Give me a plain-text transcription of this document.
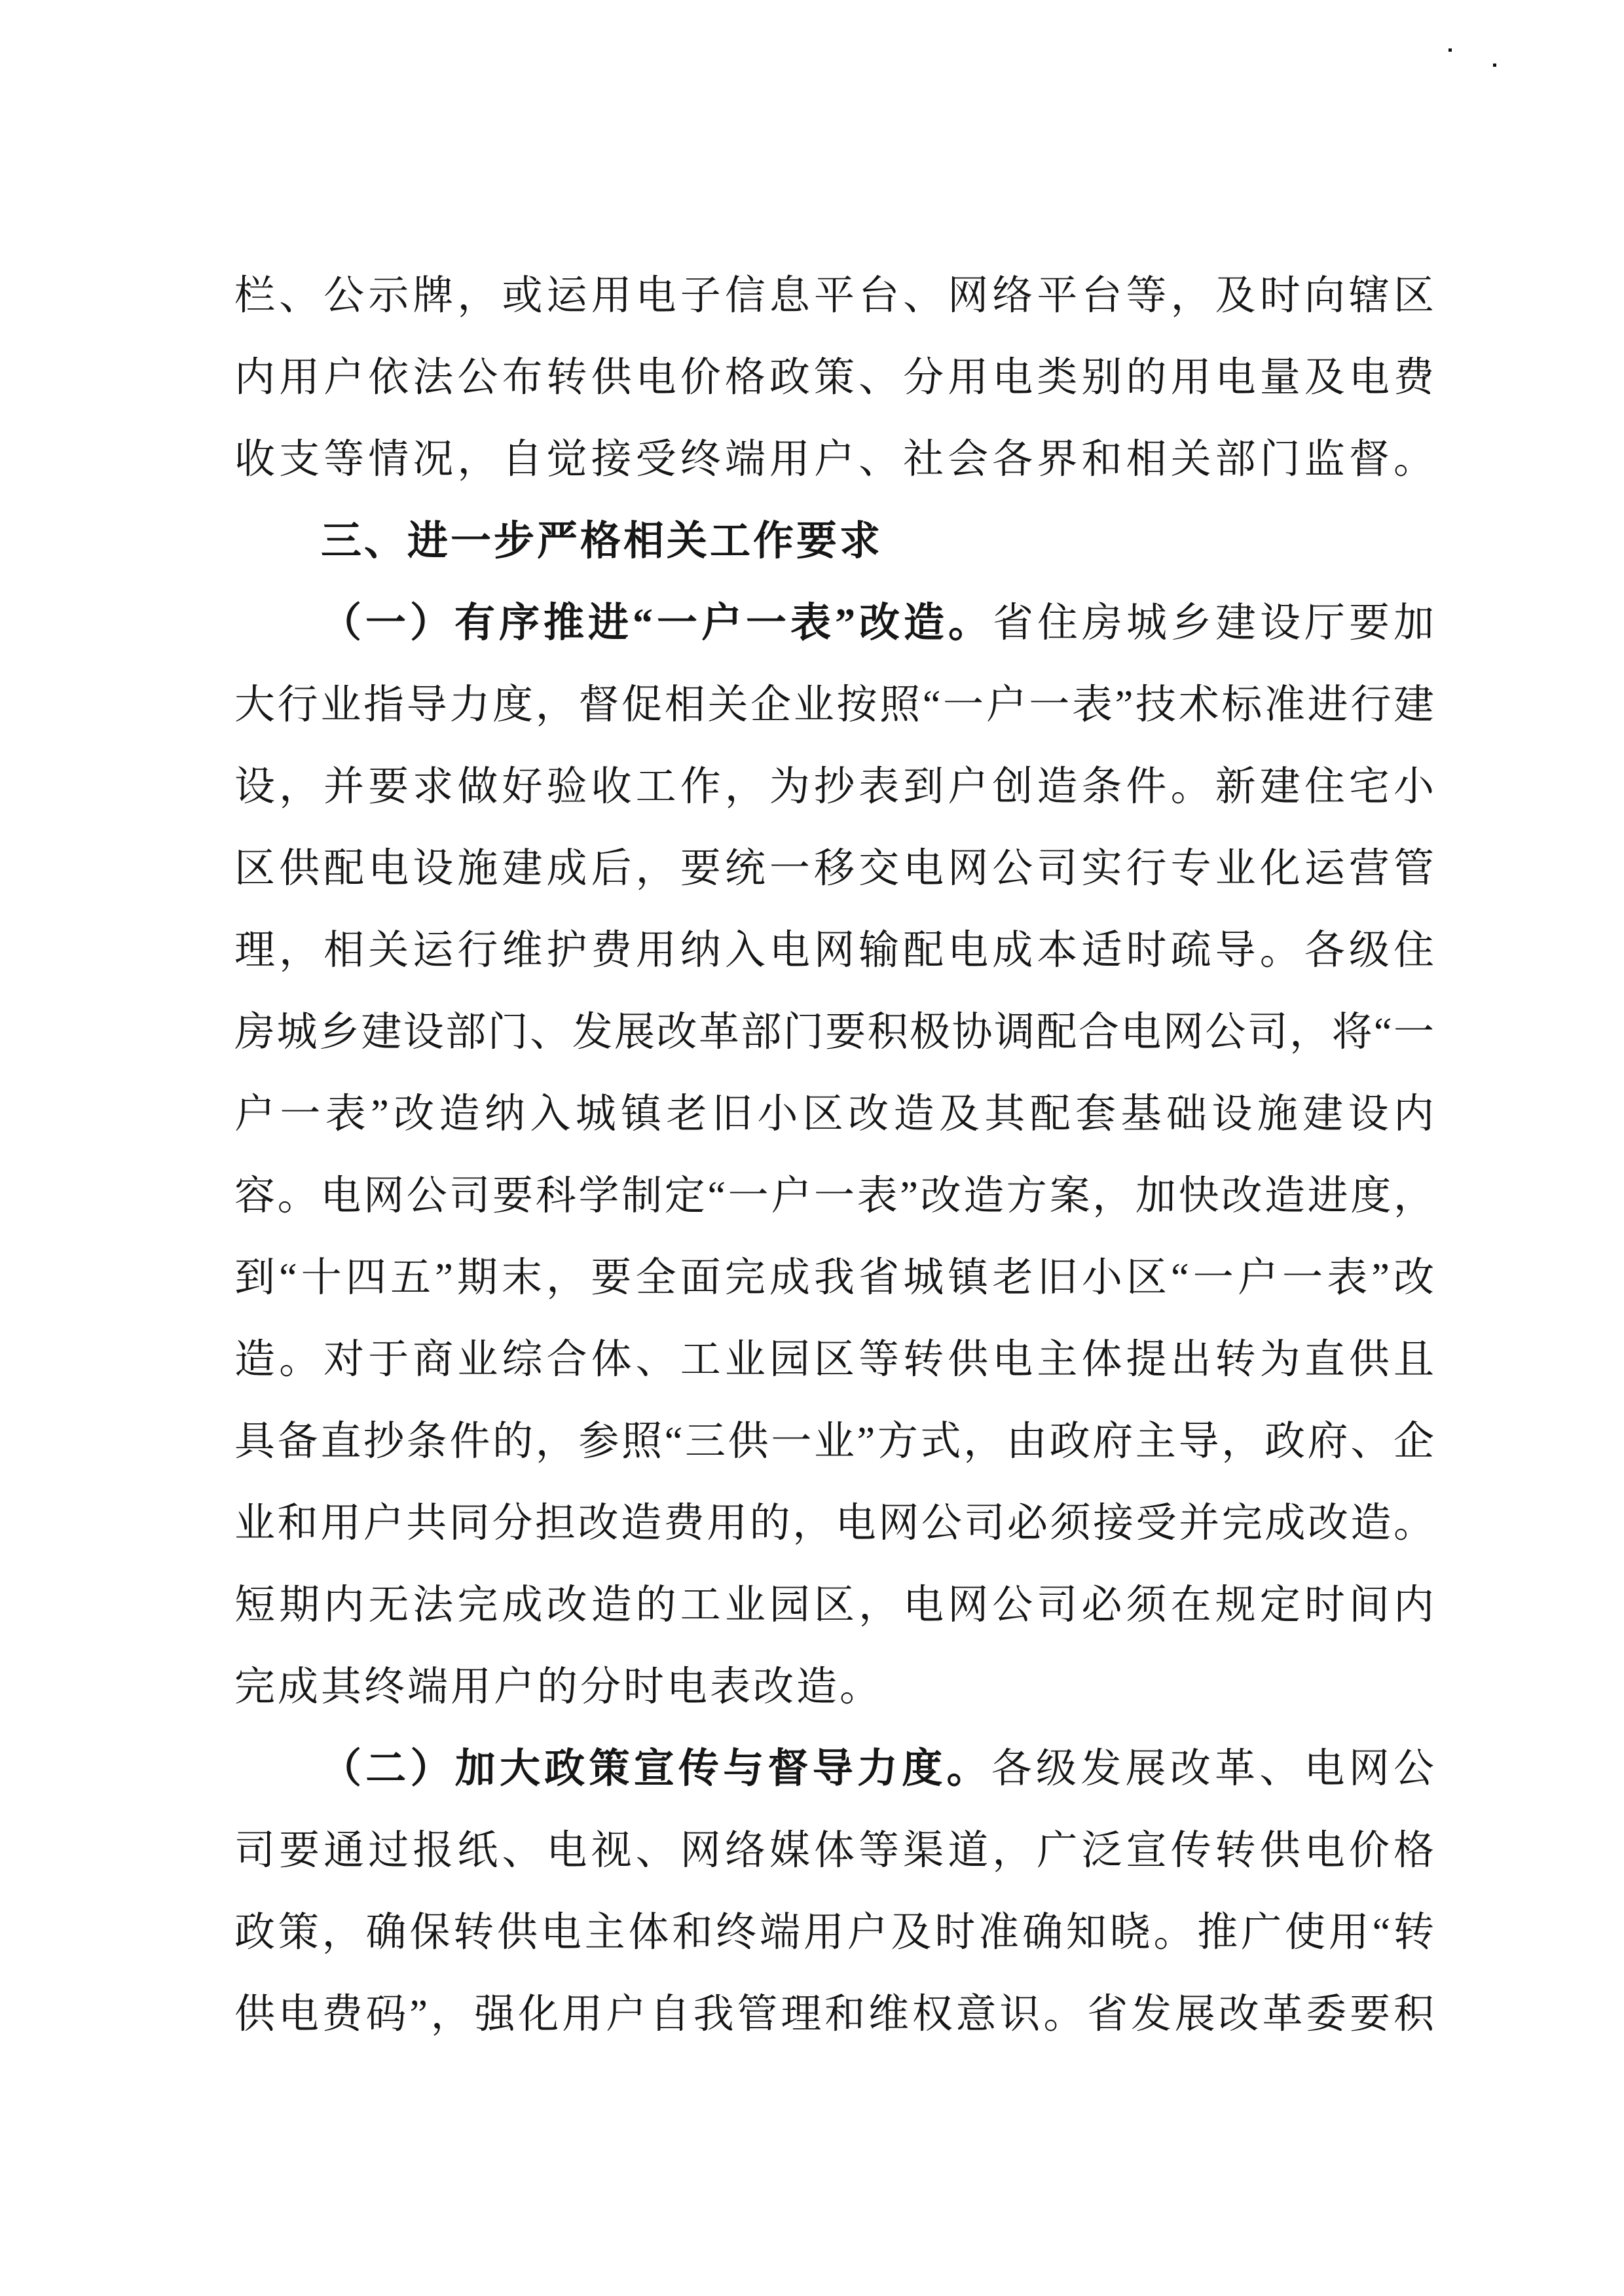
栏、公示牌，或运用电子信息平台、网络平台等，及时向辖区
内用户依法公布转供电价格政策、分用电类别的用电量及电费
收支等情况，自觉接受终端用户、社会各界和相关部门监督。
三、进一步严格相关工作要求
（一）有序推进“一户一表”改造。省住房城乡建设厅要加
大行业指导力度，督促相关企业按照“一户一表”技术标准进行建
设，并要求做好验收工作，为抄表到户创造条件。新建住宅小
区供配电设施建成后，要统一移交电网公司实行专业化运营管
理，相关运行维护费用纳入电网输配电成本适时疏导。各级住
房城乡建设部门、发展改革部门要积极协调配合电网公司，将“一
户一表”改造纳入城镇老旧小区改造及其配套基础设施建设内
容。电网公司要科学制定“一户一表”改造方案，加快改造进度，
到“十四五”期末，要全面完成我省城镇老旧小区“一户一表”改
造。对于商业综合体、工业园区等转供电主体提出转为直供且
具备直抄条件的，参照“三供一业”方式，由政府主导，政府、企
业和用户共同分担改造费用的，电网公司必须接受并完成改造。
短期内无法完成改造的工业园区，电网公司必须在规定时间内
完成其终端用户的分时电表改造。
（二）加大政策宣传与督导力度。各级发展改革、电网公
司要通过报纸、电视、网络媒体等渠道，广泛宣传转供电价格
政策，确保转供电主体和终端用户及时准确知晓。推广使用“转
供电费码”，强化用户自我管理和维权意识。省发展改革委要积
